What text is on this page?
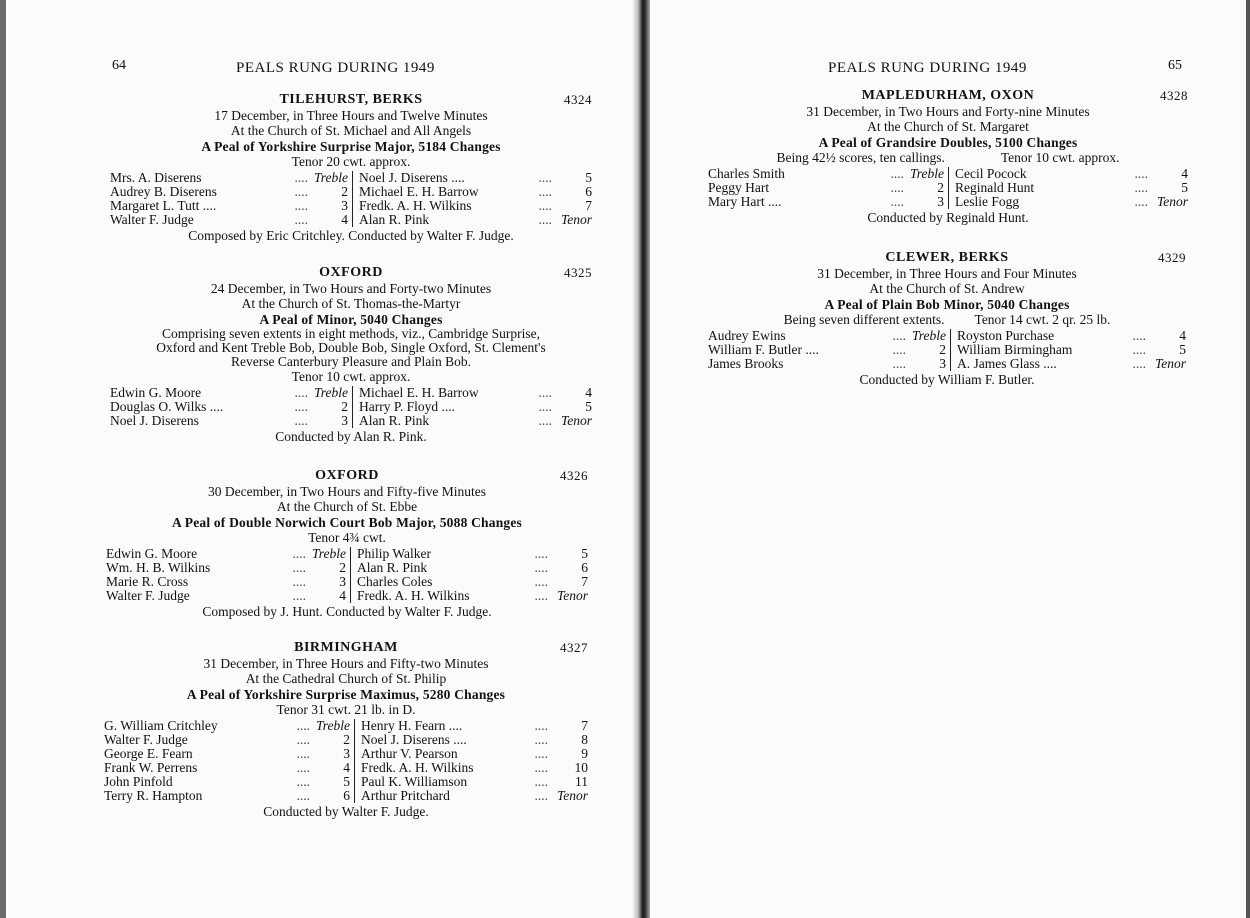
64	PEALS RUNG DURING 1949
TILEHURST, BERKS	4324
17 December, in Three Hours and Twelve Minutes
At the Church of St. Michael and All Angels
A Peal of Yorkshire Surprise Major, 5184 Changes
Tenor 20 cwt. approx.
Mrs. A. Diserens	.... Treble
Audrey B. Diserens	....	2
Margaret L. Tutt ....	....	3
Walter F. Judge	....	4
Noel J. Diserens ....	....	5
Michael E. H. Barrow	....	6
Fredk. A. H. Wilkins	....	7
Alan R. Pink	.... Tenor
Composed by Eric Critchley. Conducted by Walter F. Judge.
OXFORD	4325
24 December, in Two Hours and Forty-two Minutes
At the Church of St. Thomas-the-Martyr
A Peal of Minor, 5040 Changes
Comprising seven extents in eight methods, viz., Cambridge Surprise,
Oxford and Kent Treble Bob, Double Bob, Single Oxford, St. Clement's
Reverse Canterbury Pleasure and Plain Bob.
Tenor 10 cwt. approx.
Edwin G. Moore	.... Treble
Douglas O. Wilks ....	....	2
Noel J. Diserens	....	3
Michael E. H. Barrow	....	4
Harry P. Floyd ....	....	5
Alan R. Pink	.... Tenor
Conducted by Alan R. Pink.
OXFORD	4326
30 December, in Two Hours and Fifty-five Minutes
At the Church of St. Ebbe
A Peal of Double Norwich Court Bob Major, 5088 Changes
Tenor 4¾ cwt.
Edwin G. Moore	.... Treble
Wm. H. B. Wilkins	....	2
Marie R. Cross	....	3
Walter F. Judge	....	4
Philip Walker	....	5
Alan R. Pink	....	6
Charles Coles	....	7
Fredk. A. H. Wilkins	.... Tenor
Composed by J. Hunt. Conducted by Walter F. Judge.
BIRMINGHAM	4327
31 December, in Three Hours and Fifty-two Minutes
At the Cathedral Church of St. Philip
A Peal of Yorkshire Surprise Maximus, 5280 Changes
Tenor 31 cwt. 21 lb. in D.
G. William Critchley	.... Treble
Walter F. Judge	....	2
George E. Fearn	....	3
Frank W. Perrens	....	4
John Pinfold	....	5
Terry R. Hampton	....	6
Henry H. Fearn ....	....	7
Noel J. Diserens ....	....	8
Arthur V. Pearson	....	9
Fredk. A. H. Wilkins	....	10
Paul K. Williamson	....	11
Arthur Pritchard	.... Tenor
Conducted by Walter F. Judge.
PEALS RUNG DURING 1949	65
MAPLEDURHAM, OXON	4328
31 December, in Two Hours and Forty-nine Minutes
At the Church of St. Margaret
A Peal of Grandsire Doubles, 5100 Changes
Being 42½ scores, ten callings.	Tenor 10 cwt. approx.
Charles Smith	.... Treble
Peggy Hart	....	2
Mary Hart ....	....	3
Cecil Pocock	....	4
Reginald Hunt	....	5
Leslie Fogg	.... Tenor
Conducted by Reginald Hunt.
CLEWER, BERKS	4329
31 December, in Three Hours and Four Minutes
At the Church of St. Andrew
A Peal of Plain Bob Minor, 5040 Changes
Being seven different extents. Tenor 14 cwt. 2 qr. 25 lb.
Audrey Ewins	.... Treble
William F. Butler ....	....	2
James Brooks	....	3
Royston Purchase	....	4
William Birmingham	....	5
A. James Glass ....	.... Tenor
Conducted by William F. Butler.
